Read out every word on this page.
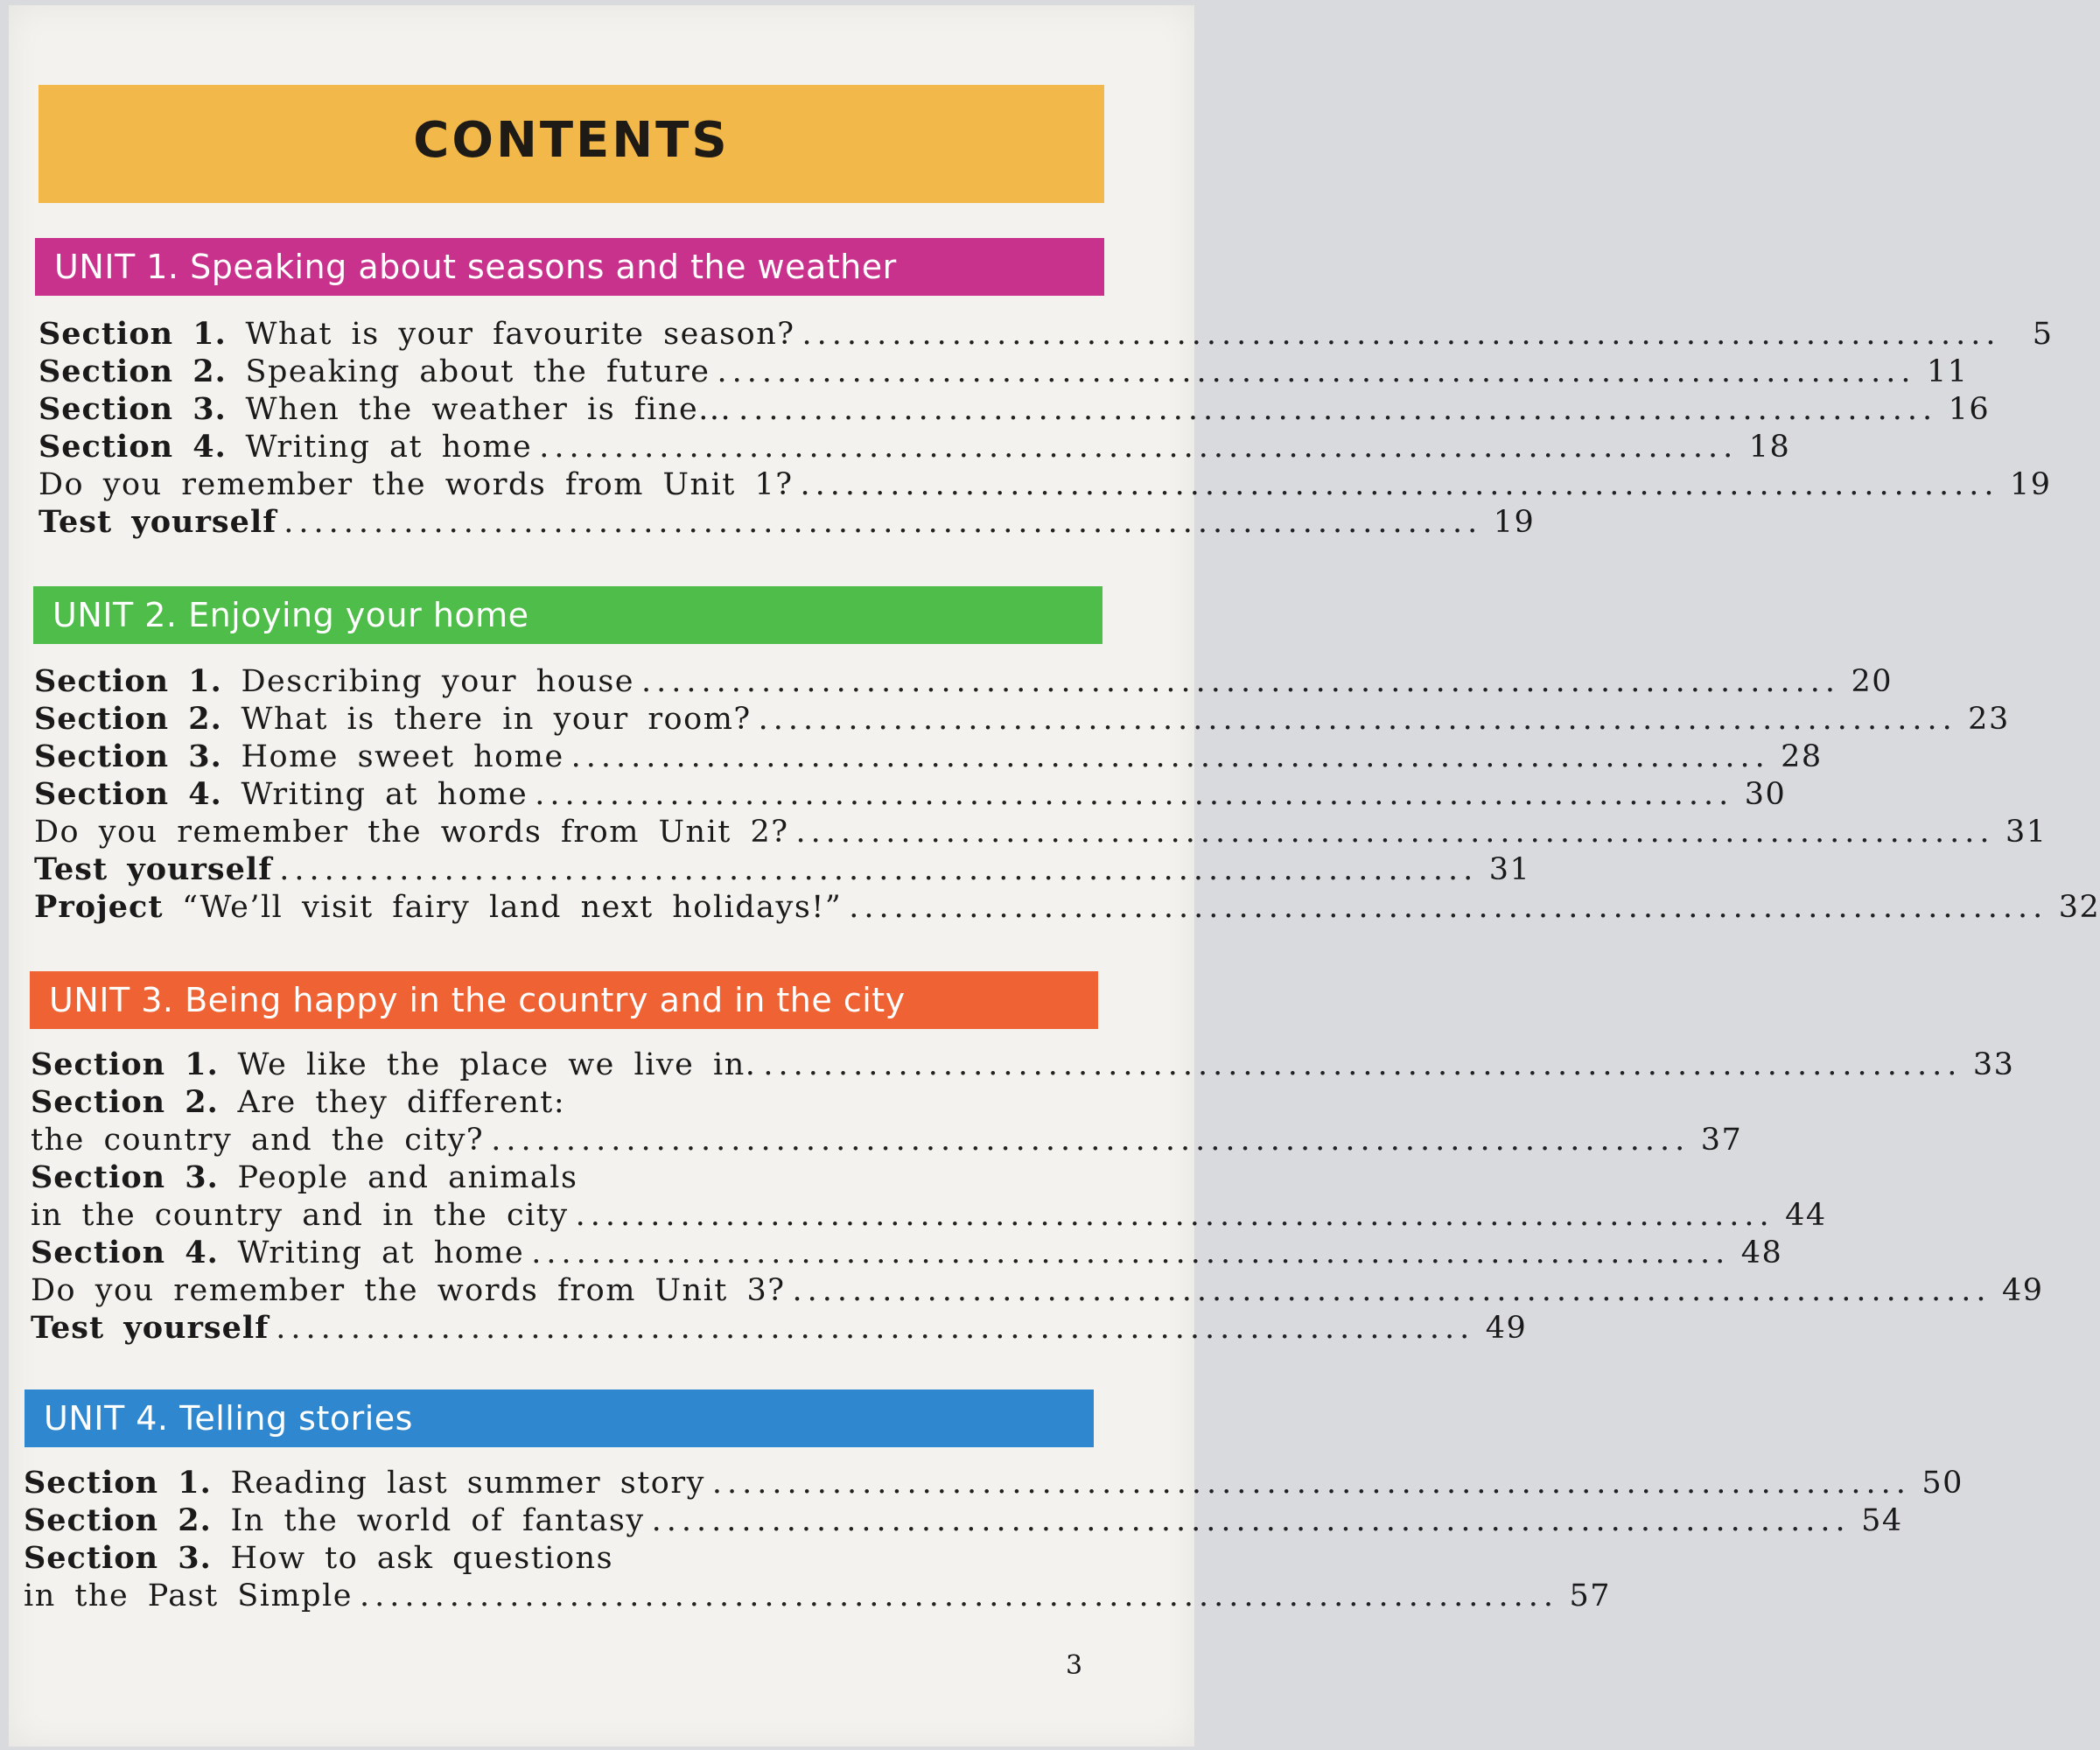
CONTENTS
UNIT 1. Speaking about seasons and the weather
Section 1. What is your favourite season? ................................................................................	5
Section 2. Speaking about the future ................................................................................ 11
Section 3. When the weather is fine... ................................................................................ 16
Section 4. Writing at home ................................................................................ 18
Do you remember the words from Unit 1? ................................................................................ 19
Test yourself ................................................................................ 19
UNIT 2. Enjoying your home
Section 1. Describing your house ................................................................................ 20
Section 2. What is there in your room? ................................................................................ 23
Section 3. Home sweet home ................................................................................ 28
Section 4. Writing at home ................................................................................ 30
Do you remember the words from Unit 2? ................................................................................ 31
Test yourself ................................................................................ 31
Project “We’ll visit fairy land next holidays!” ................................................................................ 32
UNIT 3. Being happy in the country and in the city
Section 1. We like the place we live in. ................................................................................ 33
Section 2. Are they different:
the country and the city? ................................................................................ 37
Section 3. People and animals
in the country and in the city ................................................................................ 44
Section 4. Writing at home ................................................................................ 48
Do you remember the words from Unit 3? ................................................................................ 49
Test yourself ................................................................................ 49
UNIT 4. Telling stories
Section 1. Reading last summer story ................................................................................ 50
Section 2. In the world of fantasy ................................................................................ 54
Section 3. How to ask questions
in the Past Simple ................................................................................ 57
3
